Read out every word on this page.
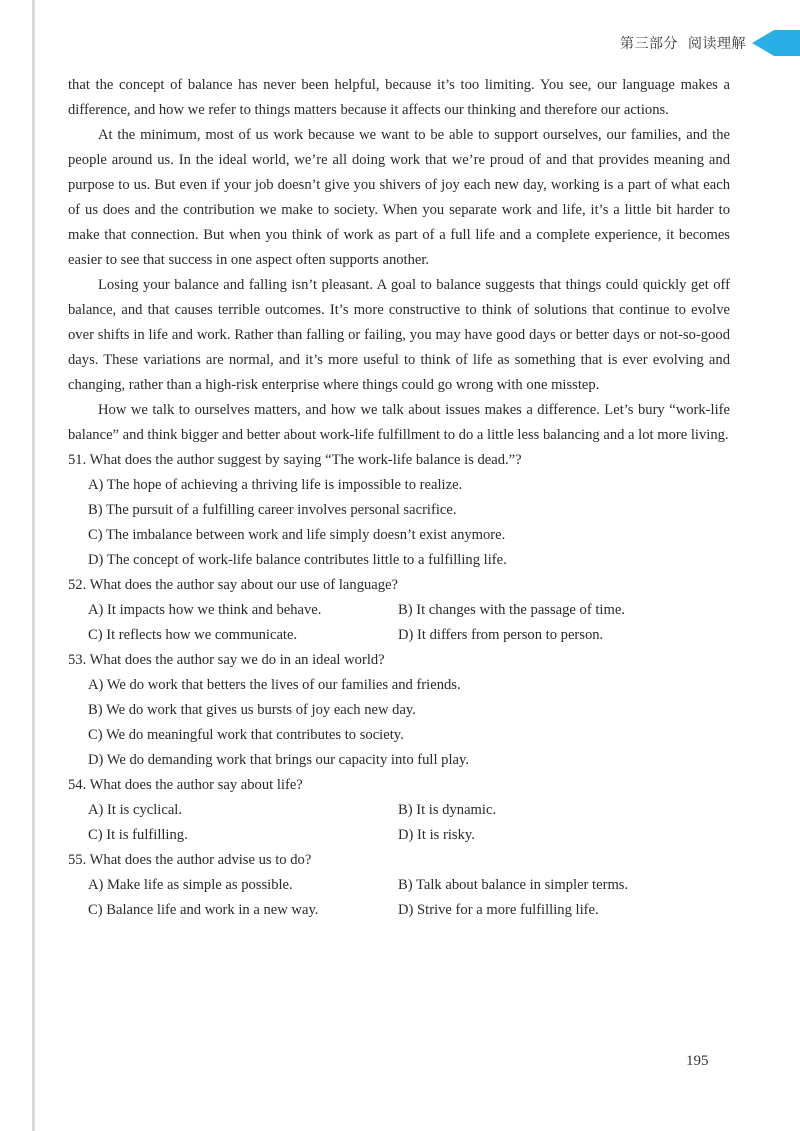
第三部分 阅读理解

that the concept of balance has never been helpful, because it’s too limiting. You see, our language makes a difference, and how we refer to things matters because it affects our thinking and therefore our actions.

At the minimum, most of us work because we want to be able to support ourselves, our families, and the people around us. In the ideal world, we’re all doing work that we’re proud of and that provides meaning and purpose to us. But even if your job doesn’t give you shivers of joy each new day, working is a part of what each of us does and the contribution we make to society. When you separate work and life, it’s a little bit harder to make that connection. But when you think of work as part of a full life and a complete experience, it becomes easier to see that success in one aspect often supports another.

Losing your balance and falling isn’t pleasant. A goal to balance suggests that things could quickly get off balance, and that causes terrible outcomes. It’s more constructive to think of solutions that continue to evolve over shifts in life and work. Rather than falling or failing, you may have good days or better days or not-so-good days. These variations are normal, and it’s more useful to think of life as something that is ever evolving and changing, rather than a high-risk enterprise where things could go wrong with one misstep.

How we talk to ourselves matters, and how we talk about issues makes a difference. Let’s bury “work-life balance” and think bigger and better about work-life fulfillment to do a little less balancing and a lot more living.

51. What does the author suggest by saying “The work-life balance is dead.”?

A) The hope of achieving a thriving life is impossible to realize.

B) The pursuit of a fulfilling career involves personal sacrifice.

C) The imbalance between work and life simply doesn’t exist anymore.

D) The concept of work-life balance contributes little to a fulfilling life.

52. What does the author say about our use of language?

A) It impacts how we think and behave.	B) It changes with the passage of time.

C) It reflects how we communicate.	D) It differs from person to person.

53. What does the author say we do in an ideal world?

A) We do work that betters the lives of our families and friends.

B) We do work that gives us bursts of joy each new day.

C) We do meaningful work that contributes to society.

D) We do demanding work that brings our capacity into full play.

54. What does the author say about life?

A) It is cyclical.	B) It is dynamic.

C) It is fulfilling.	D) It is risky.

55. What does the author advise us to do?

A) Make life as simple as possible.	B) Talk about balance in simpler terms.

C) Balance life and work in a new way.	D) Strive for a more fulfilling life.

195
